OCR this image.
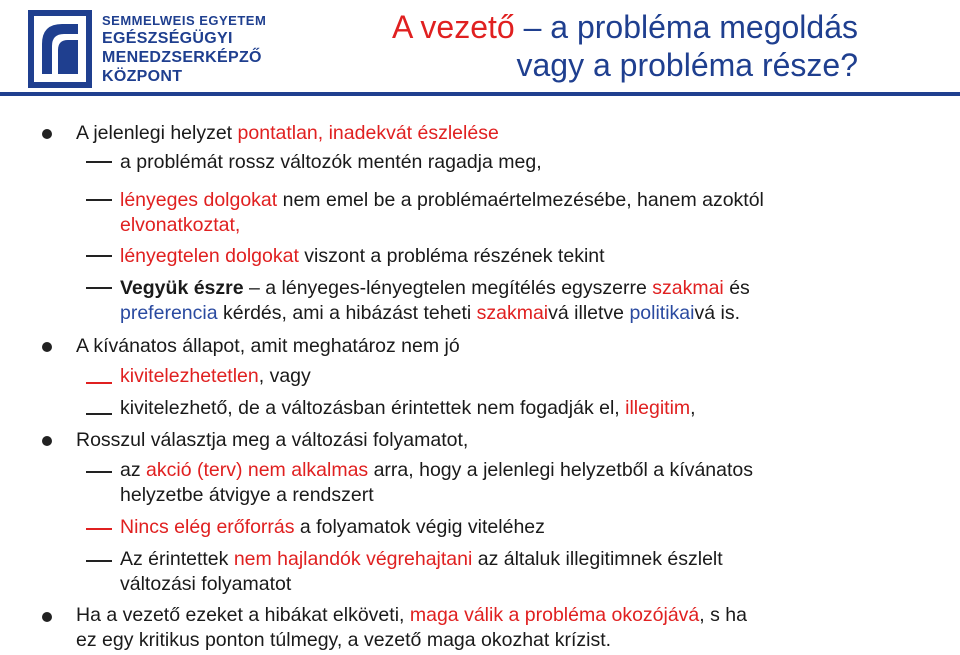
SEMMELWEIS EGYETEM
EGÉSZSÉGÜGYI
MENEDZSERKÉPZŐ
KÖZPONT
A vezető – a probléma megoldás
vagy a probléma része?
A jelenlegi helyzet pontatlan, inadekvát észlelése
a problémát rossz változók mentén ragadja meg,
lényeges dolgokat nem emel be a problémaértelmezésébe, hanem azoktól
elvonatkoztat,
lényegtelen dolgokat viszont a probléma részének tekint
Vegyük észre – a lényeges-lényegtelen megítélés egyszerre szakmai és
preferencia kérdés, ami a hibázást teheti szakmaivá illetve politikaivá is.
A kívánatos állapot, amit meghatároz nem jó
kivitelezhetetlen, vagy
kivitelezhető, de a változásban érintettek nem fogadják el, illegitim,
Rosszul választja meg a változási folyamatot,
az akció (terv) nem alkalmas arra, hogy a jelenlegi helyzetből a kívánatos
helyzetbe átvigye a rendszert
Nincs elég erőforrás a folyamatok végig viteléhez
Az érintettek nem hajlandók végrehajtani az általuk illegitimnek észlelt
változási folyamatot
Ha a vezető ezeket a hibákat elköveti, maga válik a probléma okozójává, s ha
ez egy kritikus ponton túlmegy, a vezető maga okozhat krízist.
